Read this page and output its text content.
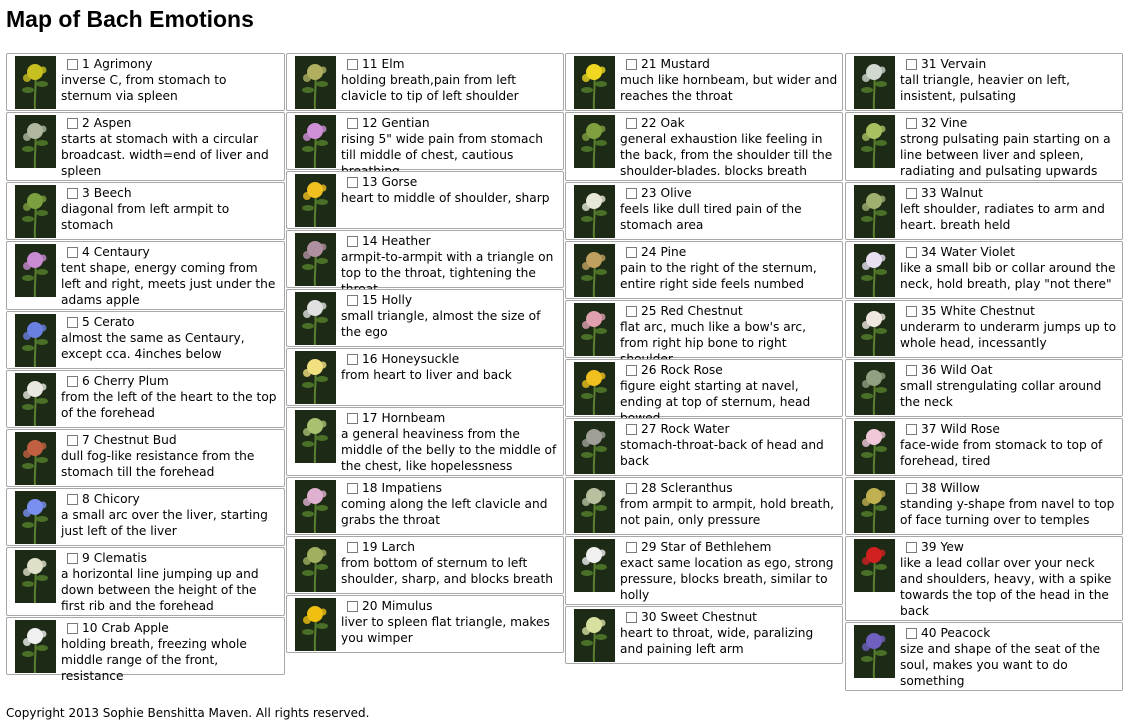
Map of Bach Emotions
1 Agrimony
inverse C, from stomach to sternum via spleen
2 Aspen
starts at stomach with a circular broadcast. width=end of liver and spleen
3 Beech
diagonal from left armpit to stomach
4 Centaury
tent shape, energy coming from left and right, meets just under the adams apple
5 Cerato
almost the same as Centaury, except cca. 4inches below
6 Cherry Plum
from the left of the heart to the top of the forehead
7 Chestnut Bud
dull fog-like resistance from the stomach till the forehead
8 Chicory
a small arc over the liver, starting just left of the liver
9 Clematis
a horizontal line jumping up and down between the height of the first rib and the forehead
10 Crab Apple
holding breath, freezing whole middle range of the front, resistance
11 Elm
holding breath,pain from left clavicle to tip of left shoulder
12 Gentian
rising 5" wide pain from stomach till middle of chest, cautious
13 Gorse
heart to middle of shoulder, sharp
14 Heather
armpit-to-armpit with a triangle on top to the throat, tightening the
15 Holly
small triangle, almost the size of the ego
16 Honeysuckle
from heart to liver and back
17 Hornbeam
a general heaviness from the middle of the belly to the middle of the chest, like hopelessness
18 Impatiens
coming along the left clavicle and grabs the throat
19 Larch
from bottom of sternum to left shoulder, sharp, and blocks breath
20 Mimulus
liver to spleen flat triangle, makes you wimper
21 Mustard
much like hornbeam, but wider and reaches the throat
22 Oak
general exhaustion like feeling in the back, from the shoulder till the shoulder-blades. blocks breath
23 Olive
feels like dull tired pain of the stomach area
24 Pine
pain to the right of the sternum, entire right side feels numbed
25 Red Chestnut
flat arc, much like a bow's arc, from right hip bone to right
26 Rock Rose
figure eight starting at navel, ending at top of sternum, head
27 Rock Water
stomach-throat-back of head and back
28 Scleranthus
from armpit to armpit, hold breath, not pain, only pressure
29 Star of Bethlehem
exact same location as ego, strong pressure, blocks breath, similar to holly
30 Sweet Chestnut
heart to throat, wide, paralizing and paining left arm
31 Vervain
tall triangle, heavier on left, insistent, pulsating
32 Vine
strong pulsating pain starting on a line between liver and spleen, radiating and pulsating upwards
33 Walnut
left shoulder, radiates to arm and heart. breath held
34 Water Violet
like a small bib or collar around the neck, hold breath, play "not there"
35 White Chestnut
underarm to underarm jumps up to whole head, incessantly
36 Wild Oat
small strengulating collar around the neck
37 Wild Rose
face-wide from stomack to top of forehead, tired
38 Willow
standing y-shape from navel to top of face turning over to temples
39 Yew
like a lead collar over your neck and shoulders, heavy, with a spike towards the top of the head in the back
40 Peacock
size and shape of the seat of the soul, makes you want to do something
Copyright 2013 Sophie Benshitta Maven. All rights reserved.
